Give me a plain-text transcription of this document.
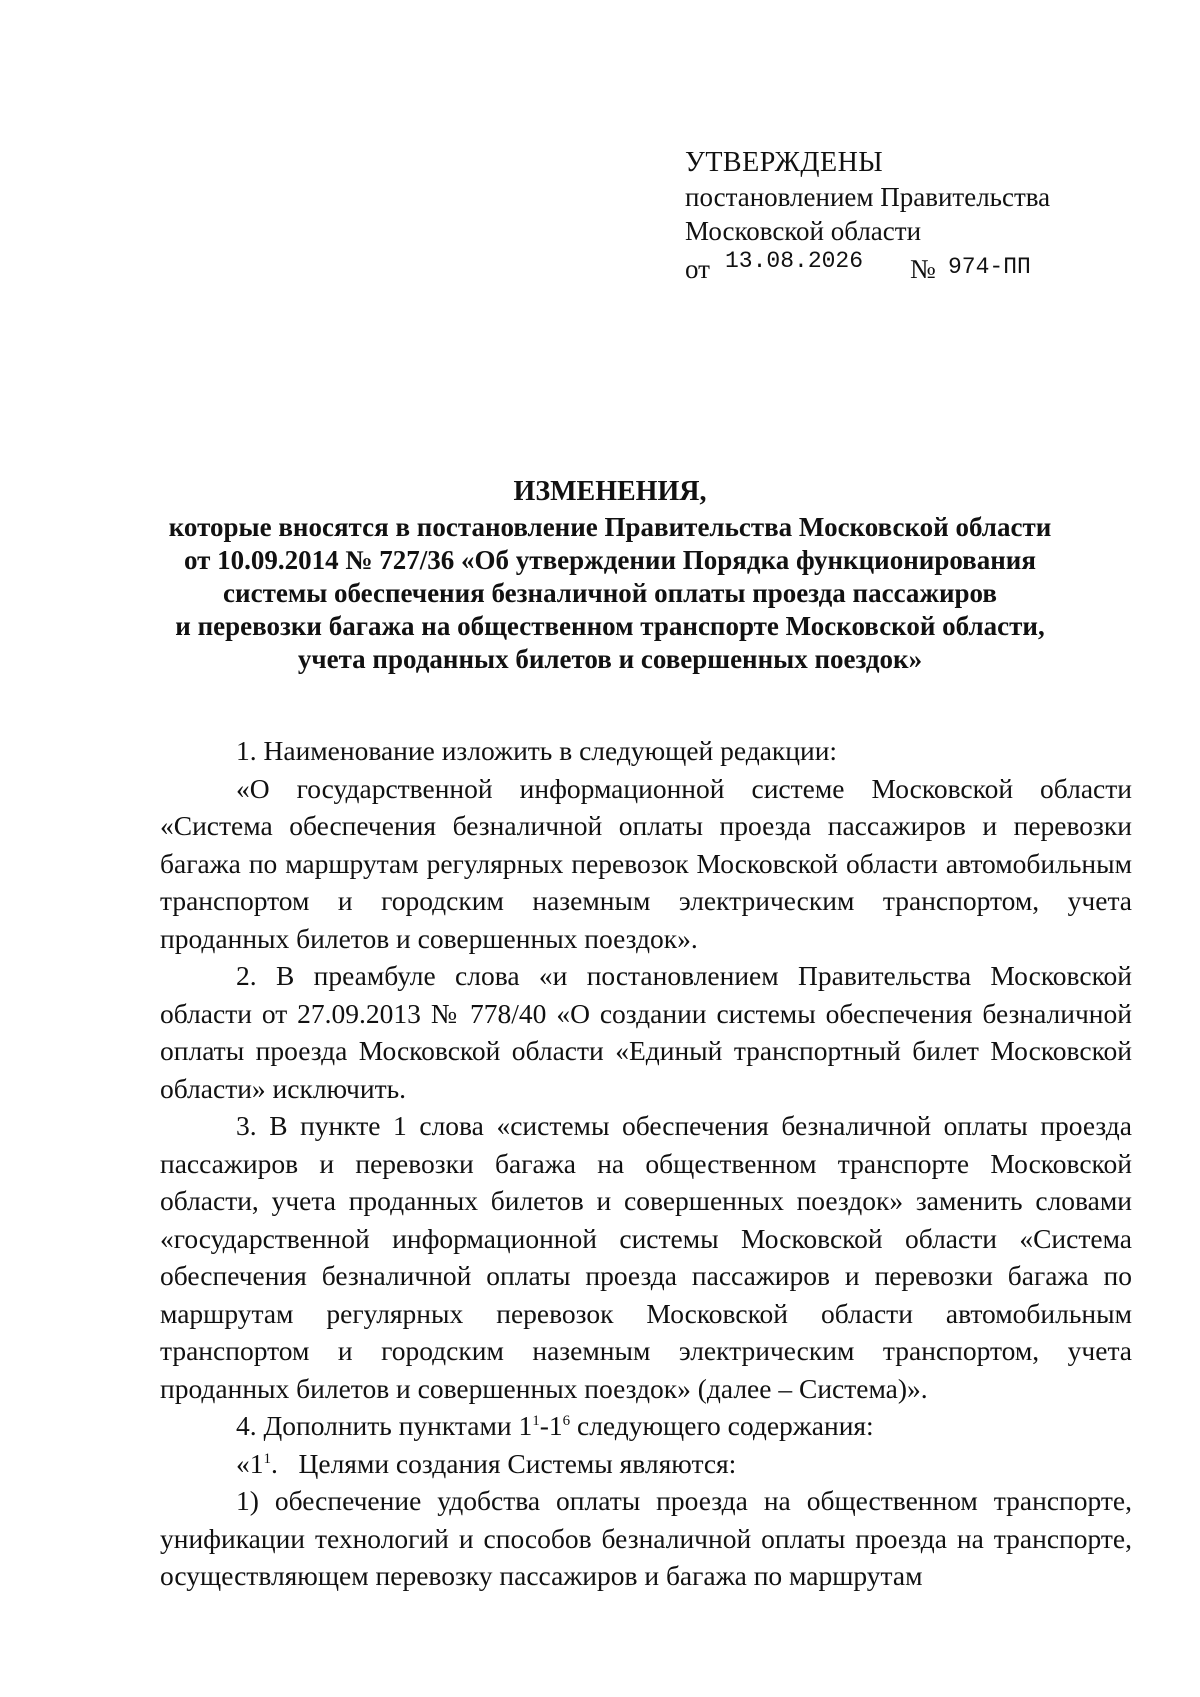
УТВЕРЖДЕНЫ
постановлением Правительства
Московской области
от 13.08.2026 № 974-ПП
ИЗМЕНЕНИЯ,
которые вносятся в постановление Правительства Московской области
от 10.09.2014 № 727/36 «Об утверждении Порядка функционирования
системы обеспечения безналичной оплаты проезда пассажиров
и перевозки багажа на общественном транспорте Московской области,
учета проданных билетов и совершенных поездок»

1. Наименование изложить в следующей редакции:

«О государственной информационной системе Московской области «Система обеспечения безналичной оплаты проезда пассажиров и перевозки багажа по маршрутам регулярных перевозок Московской области автомобильным транспортом и городским наземным электрическим транспортом, учета проданных билетов и совершенных поездок».

2. В преамбуле слова «и постановлением Правительства Московской области от 27.09.2013 № 778/40 «О создании системы обеспечения безналичной оплаты проезда Московской области «Единый транспортный билет Московской области» исключить.

3. В пункте 1 слова «системы обеспечения безналичной оплаты проезда пассажиров и перевозки багажа на общественном транспорте Московской области, учета проданных билетов и совершенных поездок» заменить словами «государственной информационной системы Московской области «Система обеспечения безналичной оплаты проезда пассажиров и перевозки багажа по маршрутам регулярных перевозок Московской области автомобильным транспортом и городским наземным электрическим транспортом, учета проданных билетов и совершенных поездок» (далее – Система)».

4. Дополнить пунктами $1^1-1^6$ следующего содержания:

«$1^1$.   Целями создания Системы являются:

1) обеспечение удобства оплаты проезда на общественном транспорте, унификации технологий и способов безналичной оплаты проезда на транспорте, осуществляющем перевозку пассажиров и багажа по маршрутам
